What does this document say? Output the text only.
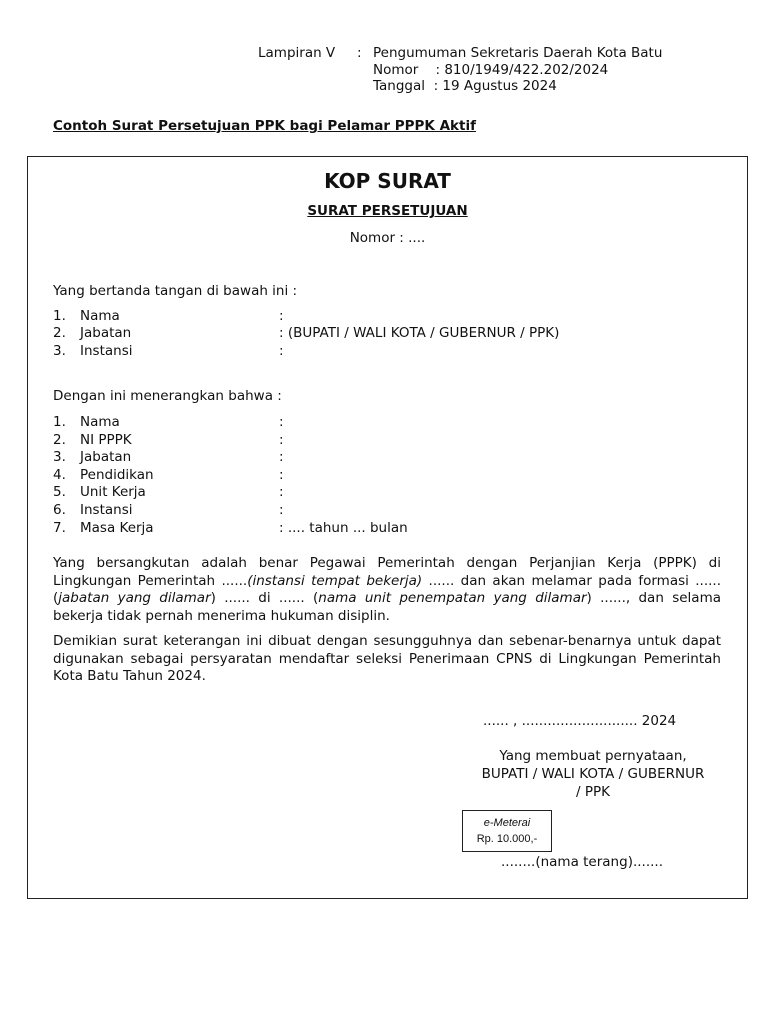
Lampiran V : Pengumuman Sekretaris Daerah Kota Batu
Nomor    : 810/1949/422.202/2024
Tanggal  : 19 Agustus 2024
Contoh Surat Persetujuan PPK bagi Pelamar PPPK Aktif
KOP SURAT
SURAT PERSETUJUAN
Nomor : ....
Yang bertanda tangan di bawah ini :
1. Nama	:
2. Jabatan	: (BUPATI / WALI KOTA / GUBERNUR / PPK)
3. Instansi	:
Dengan ini menerangkan bahwa :
1. Nama	:
2. NI PPPK	:
3. Jabatan	:
4. Pendidikan	:
5. Unit Kerja	:
6. Instansi	:
7. Masa Kerja	: .... tahun ... bulan
Yang bersangkutan adalah benar Pegawai Pemerintah dengan Perjanjian Kerja (PPPK) di Lingkungan Pemerintah ......(instansi tempat bekerja) ...... dan akan melamar pada formasi ...... (jabatan yang dilamar) ...... di ...... (nama unit penempatan yang dilamar) ......, dan selama bekerja tidak pernah menerima hukuman disiplin.
Demikian surat keterangan ini dibuat dengan sesungguhnya dan sebenar-benarnya untuk dapat digunakan sebagai persyaratan mendaftar seleksi Penerimaan CPNS di Lingkungan Pemerintah Kota Batu Tahun 2024.
...... , ........................... 2024
Yang membuat pernyataan,
BUPATI / WALI KOTA / GUBERNUR
/ PPK
e-Meterai
Rp. 10.000,-
........(nama terang).......
